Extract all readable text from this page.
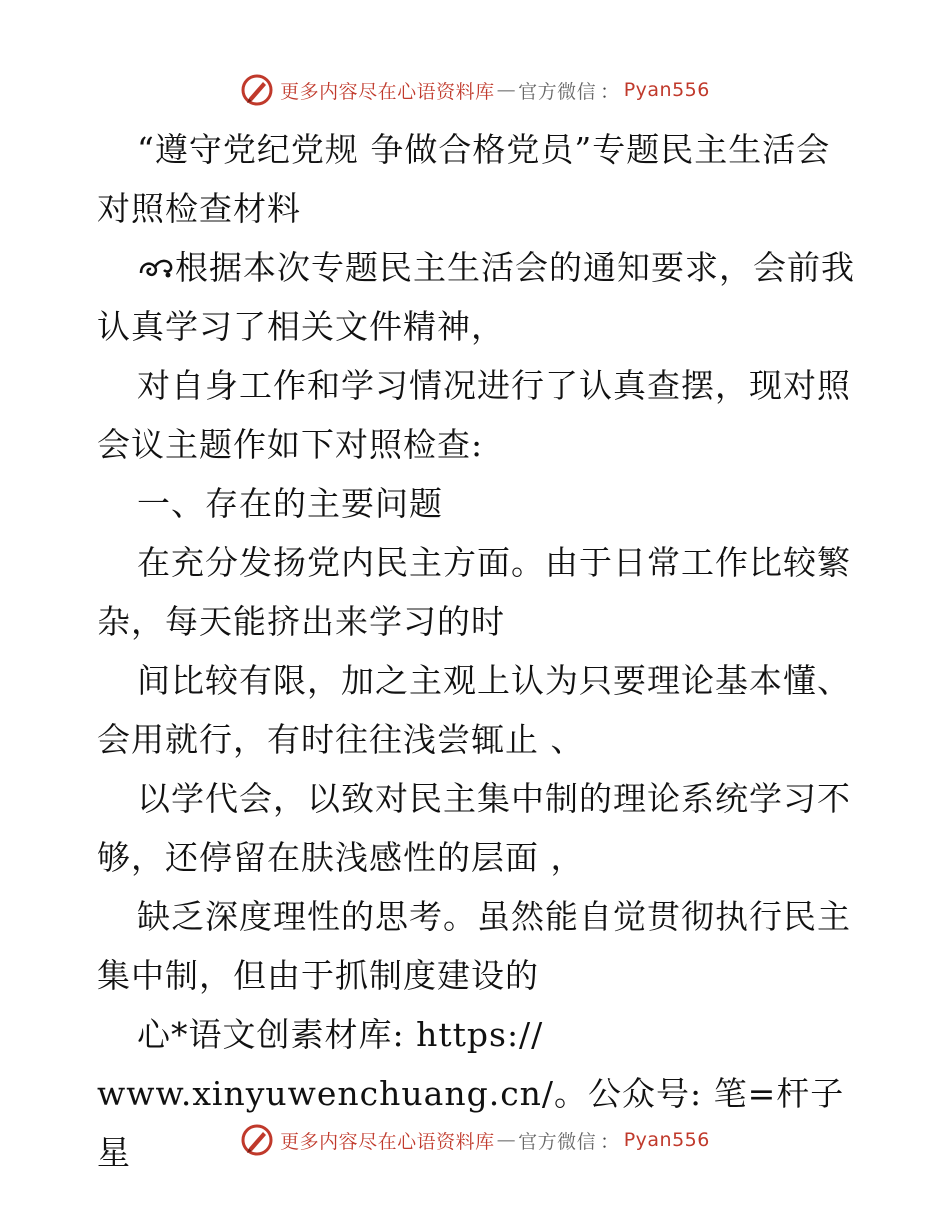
更多内容尽在心语资料库 — 官方微信 ： Pyan556

“遵守党纪党规 争做合格党员”专题民主生活会对照检查材料

根据本次专题民主生活会的通知要求，会前我认真学习了相关文件精神，

对自身工作和学习情况进行了认真查摆，现对照会议主题作如下对照检查:

一、存在的主要问题

在充分发扬党内民主方面。由于日常工作比较繁杂，每天能挤出来学习的时

间比较有限，加之主观上认为只要理论基本懂、会用就行，有时往往浅尝辄止 、

以学代会，以致对民主集中制的理论系统学习不够，还停留在肤浅感性的层面 ，

缺乏深度理性的思考。虽然能自觉贯彻执行民主集中制，但由于抓制度建设的

心*语文创素材库: https://

www.xinyuwenchuang.cn/。公众号: 笔=杆子星	更多内容尽在心语资料库 — 官方微信 ： Pyan556
